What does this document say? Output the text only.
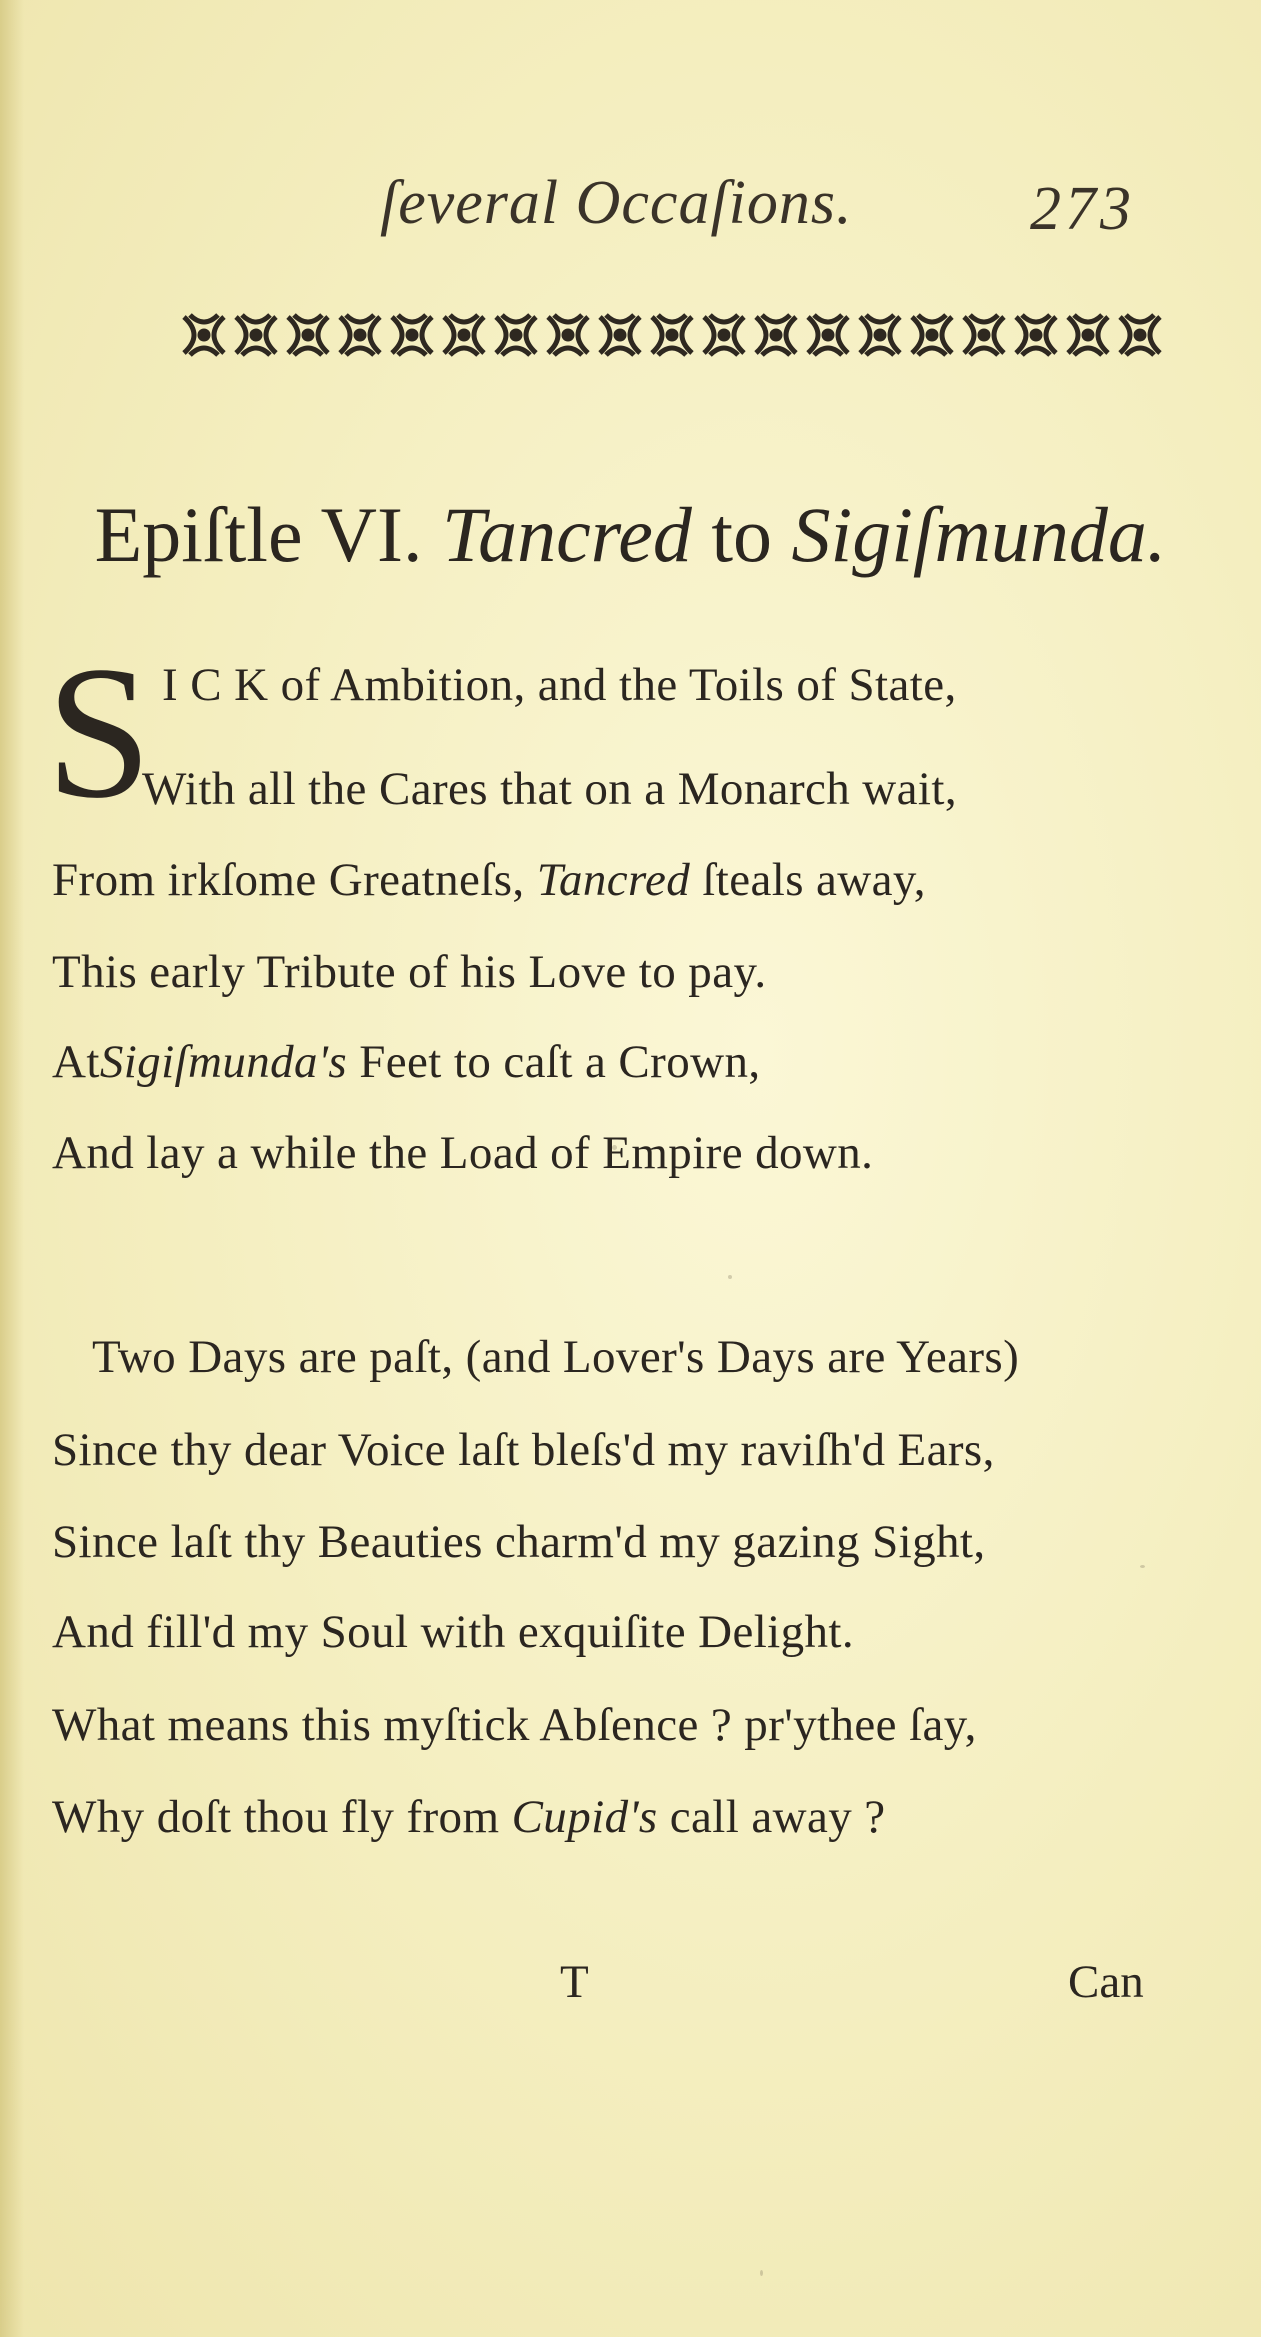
ſeveral Occaſions.	273
Epiſtle VI. Tancred to Sigiſmunda.
S I C K of Ambition, and the Toils of State,
With all the Cares that on a Monarch wait,
From irkſome Greatneſs, Tancred ſteals away,
This early Tribute of his Love to pay.
AtSigiſmunda's Feet to caſt a Crown,
And lay a while the Load of Empire down.
Two Days are paſt, (and Lover's Days are Years)
Since thy dear Voice laſt bleſs'd my raviſh'd Ears,
Since laſt thy Beauties charm'd my gazing Sight,
And fill'd my Soul with exquiſite Delight.
What means this myſtick Abſence ? pr'ythee ſay,
Why doſt thou fly from Cupid's call away ?
T	Can
